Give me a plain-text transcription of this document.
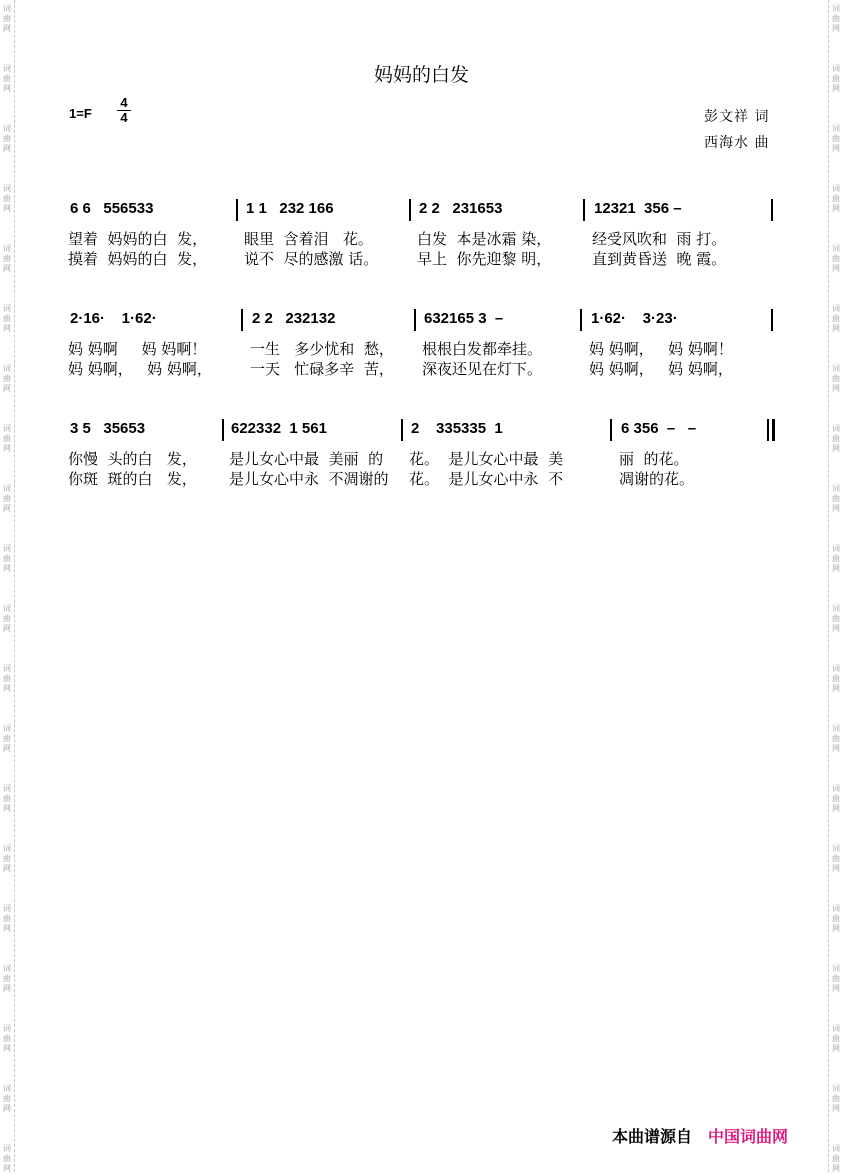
词
曲
网
词
曲
网
词
曲
网
词
曲
网
词
曲
网
词
曲
网
词
曲
网
词
曲
网
词
曲
网
词
曲
网
词
曲
网
词
曲
网
词
曲
网
词
曲
网
词
曲
网
词
曲
网
词
曲
网
词
曲
网
词
曲
网
词
曲
网
词
曲
网
词
曲
网
词
曲
网
词
曲
网
词
曲
网
词
曲
网
词
曲
网
词
曲
网
词
曲
网
词
曲
网
词
曲
网
词
曲
网
词
曲
网
词
曲
网
词
曲
网
词
曲
网
词
曲
网
词
曲
网
词
曲
网
词
曲
网
妈妈的白发
1=F
4
4	彭文祥 词
西海水 曲
6 6   556533
望着  妈妈的白  发，
摸着  妈妈的白  发，
1 1   232 166
眼里  含着泪   花。
说不  尽的感激 话。
2 2   231653
白发  本是冰霜 染，
早上  你先迎黎 明，
12321  356 –
经受风吹和  雨 打。
直到黄昏送  晚 霞。
2·16·    1·62·
妈 妈啊     妈 妈啊！
妈 妈啊，   妈 妈啊，
2 2   232132
一生   多少忧和  愁，
一天   忙碌多辛  苦，
632165 3  –
根根白发都牵挂。
深夜还见在灯下。
1·62·    3·23·
妈 妈啊，   妈 妈啊！
妈 妈啊，   妈 妈啊，
3 5   35653
你慢  头的白   发，
你斑  斑的白   发，
622332  1 561
是儿女心中最  美丽  的
是儿女心中永  不凋谢的
2    335335  1
花。  是儿女心中最  美
花。  是儿女心中永  不
6 356  –   –
丽  的花。
凋谢的花。
本曲谱源自 中国词曲网
